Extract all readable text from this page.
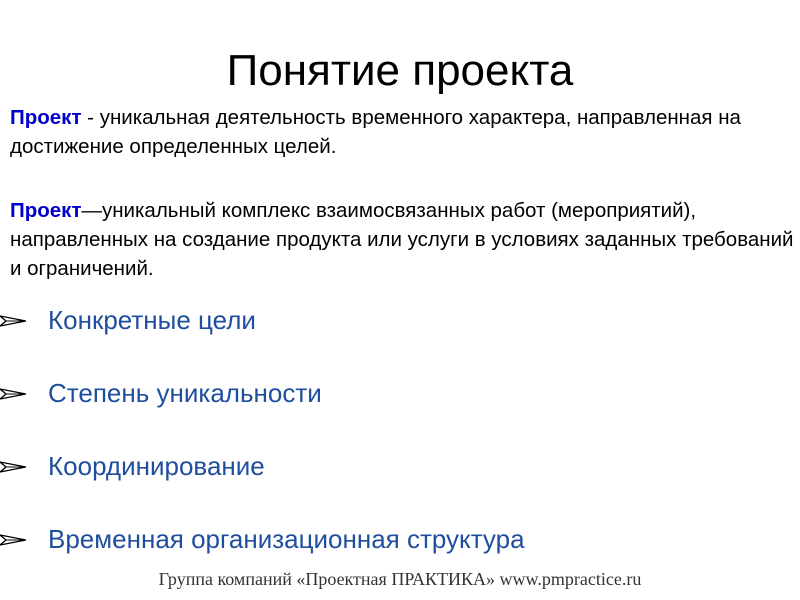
Понятие проекта

Проект - уникальная деятельность временного характера, направленная на достижение определенных целей.

Проект—уникальный комплекс взаимосвязанных работ (мероприятий), направленных на создание продукта или услуги в условиях заданных требований и ограничений.

Конкретные цели
Степень уникальности
Координирование
Временная организационная структура
Группа компаний «Проектная ПРАКТИКА» www.pmpractice.ru
